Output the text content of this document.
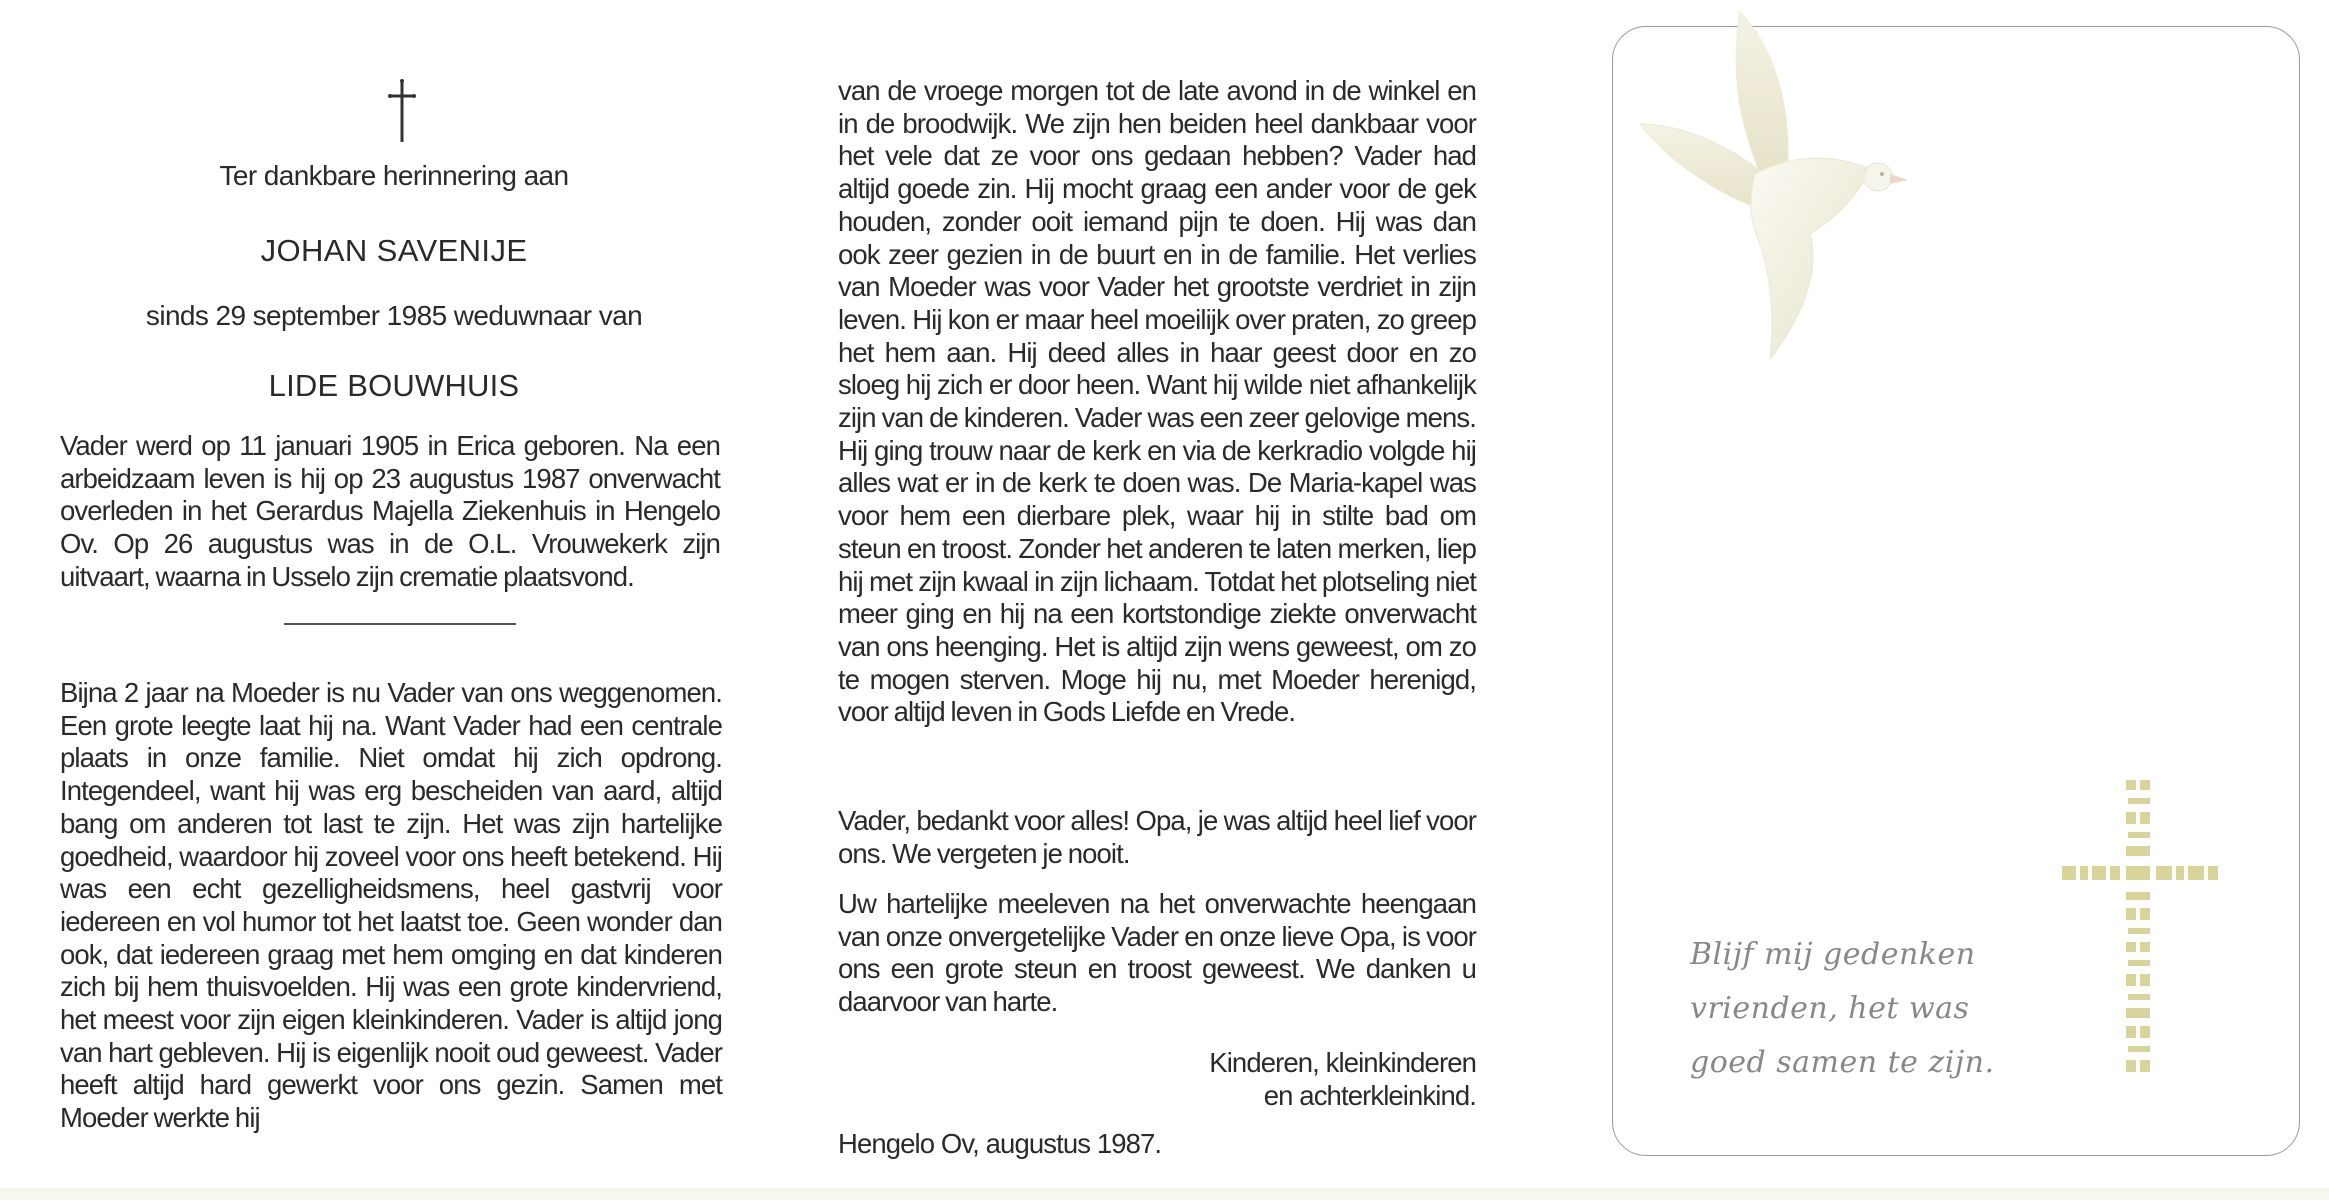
Ter dankbare herinnering aan
JOHAN SAVENIJE
sinds 29 september 1985 weduwnaar van
LIDE BOUWHUIS
Vader werd op 11 januari 1905 in Erica geboren. Na een arbeidzaam leven is hij op 23 augustus 1987 onverwacht overleden in het Gerardus Majella Ziekenhuis in Hengelo Ov. Op 26 augustus was in de O.L. Vrouwekerk zijn uitvaart, waarna in Usselo zijn crematie plaatsvond.
Bijna 2 jaar na Moeder is nu Vader van ons weggenomen. Een grote leegte laat hij na. Want Vader had een centrale plaats in onze familie. Niet omdat hij zich opdrong. Integendeel, want hij was erg bescheiden van aard, altijd bang om anderen tot last te zijn. Het was zijn hartelijke goedheid, waardoor hij zoveel voor ons heeft betekend. Hij was een echt gezelligheidsmens, heel gastvrij voor iedereen en vol humor tot het laatst toe. Geen wonder dan ook, dat iedereen graag met hem omging en dat kinderen zich bij hem thuisvoelden. Hij was een grote kindervriend, het meest voor zijn eigen kleinkinderen. Vader is altijd jong van hart gebleven. Hij is eigenlijk nooit oud geweest. Vader heeft altijd hard gewerkt voor ons gezin. Samen met Moeder werkte hij
van de vroege morgen tot de late avond in de winkel en in de broodwijk. We zijn hen beiden heel dankbaar voor het vele dat ze voor ons gedaan hebben? Vader had altijd goede zin. Hij mocht graag een ander voor de gek houden, zonder ooit iemand pijn te doen. Hij was dan ook zeer gezien in de buurt en in de familie. Het verlies van Moeder was voor Vader het grootste verdriet in zijn leven. Hij kon er maar heel moeilijk over praten, zo greep het hem aan. Hij deed alles in haar geest door en zo sloeg hij zich er door heen. Want hij wilde niet afhankelijk zijn van de kinderen. Vader was een zeer gelovige mens. Hij ging trouw naar de kerk en via de kerkradio volgde hij alles wat er in de kerk te doen was. De Maria-kapel was voor hem een dierbare plek, waar hij in stilte bad om steun en troost. Zonder het anderen te laten merken, liep hij met zijn kwaal in zijn lichaam. Totdat het plotseling niet meer ging en hij na een kortstondige ziekte onverwacht van ons heenging. Het is altijd zijn wens geweest, om zo te mogen sterven. Moge hij nu, met Moeder herenigd, voor altijd leven in Gods Liefde en Vrede.
Vader, bedankt voor alles! Opa, je was altijd heel lief voor ons. We vergeten je nooit.
Uw hartelijke meeleven na het onverwachte heengaan van onze onvergetelijke Vader en onze lieve Opa, is voor ons een grote steun en troost geweest. We danken u daarvoor van harte.
Kinderen, kleinkinderen
en achterkleinkind.
Hengelo Ov, augustus 1987.
Blijf mij gedenken
vrienden, het was
goed samen te zijn.
